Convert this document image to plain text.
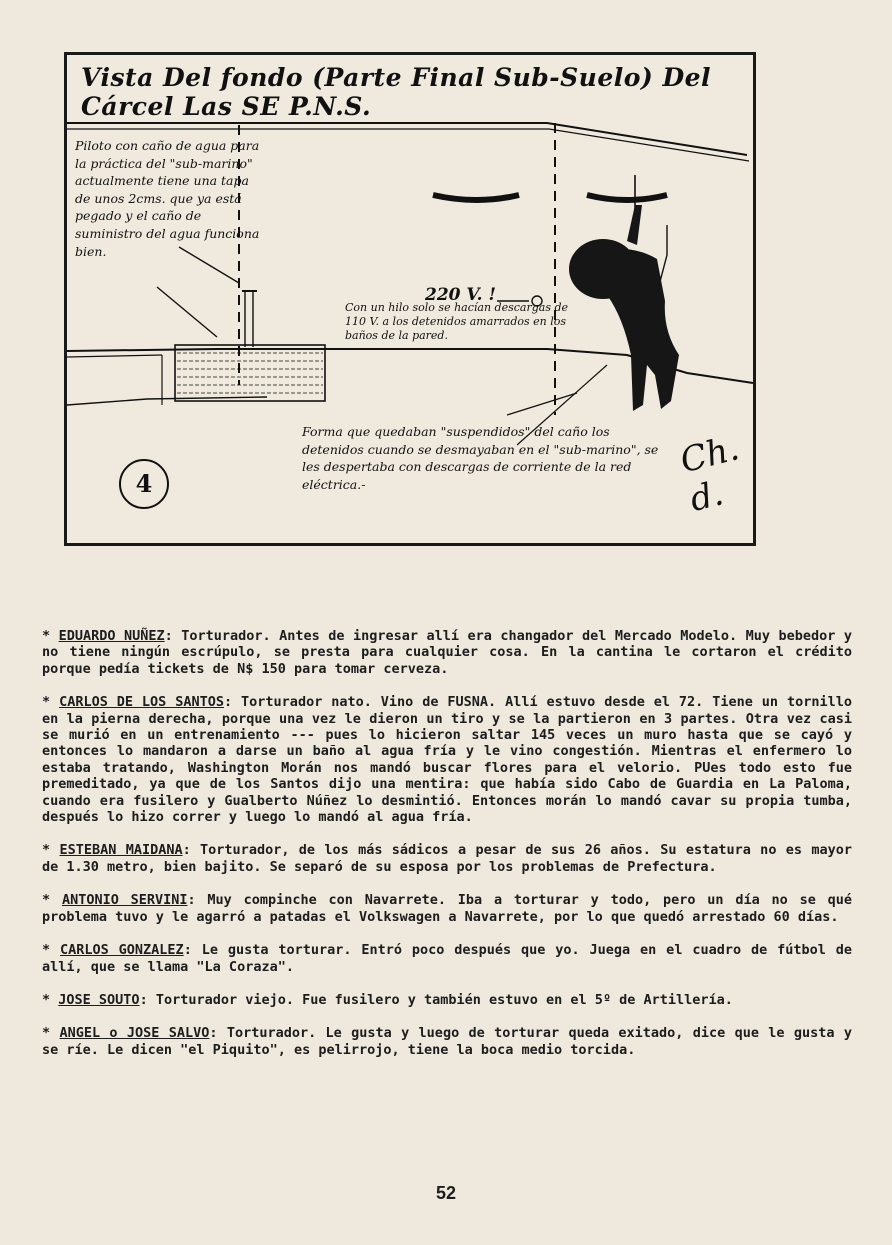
Vista Del fondo (Parte Final Sub-Suelo) Del Cárcel Las SE P.N.S.
Piloto con caño de agua para la práctica del "sub-marino" actualmente tiene una tapa de unos 2cms. que ya está pegado y el caño de suministro del agua funciona bien.
220 V. !
Con un hilo solo se hacían descargas de 110 V. a los detenidos amarrados en los baños de la pared.
Forma que quedaban "suspendidos" del caño los detenidos cuando se desmayaban en el "sub-marino", se les despertaba con descargas de corriente de la red eléctrica.-
4
Ch. d.

* EDUARDO NUÑEZ: Torturador. Antes de ingresar allí era changador del Mercado Modelo. Muy bebedor y no tiene ningún escrúpulo, se presta para cualquier cosa. En la cantina le cortaron el crédito porque pedía tickets de N$ 150 para tomar cerveza.

* CARLOS DE LOS SANTOS: Torturador nato. Vino de FUSNA. Allí estuvo desde el 72. Tiene un tornillo en la pierna derecha, porque una vez le dieron un tiro y se la partieron en 3 partes. Otra vez casi se murió en un entrenamiento --- pues lo hicieron saltar 145 veces un muro hasta que se cayó y entonces lo mandaron a darse un baño al agua fría y le vino congestión. Mientras el enfermero lo estaba tratando, Washington Morán nos mandó buscar flores para el velorio. PUes todo esto fue premeditado, ya que de los Santos dijo una mentira: que había sido Cabo de Guardia en La Paloma, cuando era fusilero y Gualberto Núñez lo desmintió. Entonces morán lo mandó cavar su propia tumba, después lo hizo correr y luego lo mandó al agua fría.

* ESTEBAN MAIDANA: Torturador, de los más sádicos a pesar de sus 26 años. Su estatura no es mayor de 1.30 metro, bien bajito. Se separó de su esposa por los problemas de Prefectura.

* ANTONIO SERVINI: Muy compinche con Navarrete. Iba a torturar y todo, pero un día no se qué problema tuvo y le agarró a patadas el Volkswagen a Navarrete, por lo que quedó arrestado 60 días.

* CARLOS GONZALEZ: Le gusta torturar. Entró poco después que yo. Juega en el cuadro de fútbol de allí, que se llama "La Coraza".

* JOSE SOUTO: Torturador viejo. Fue fusilero y también estuvo en el 5º de Artillería.

* ANGEL o JOSE SALVO: Torturador. Le gusta y luego de torturar queda exitado, dice que le gusta y se ríe. Le dicen "el Piquito", es pelirrojo, tiene la boca medio torcida.

52
